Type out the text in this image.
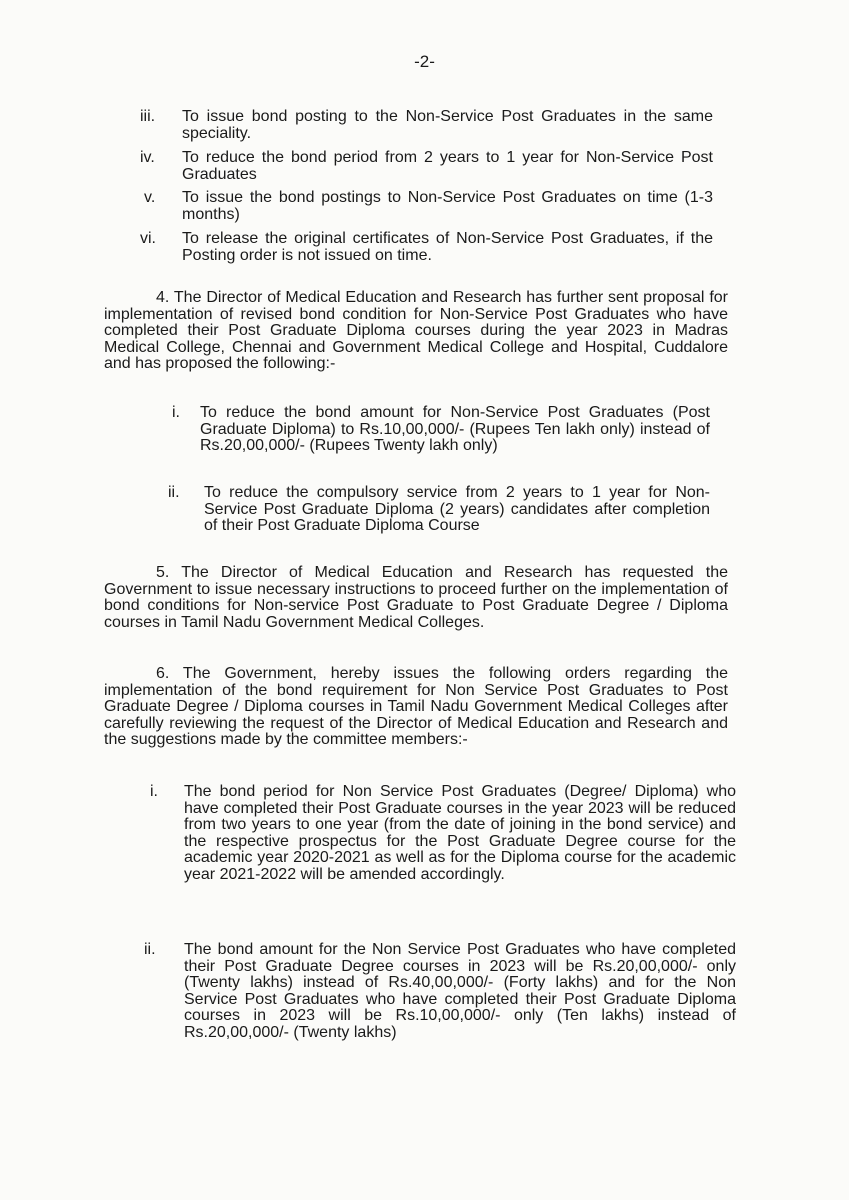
-2-
iii. To issue bond posting to the Non-Service Post Graduates in the same speciality.
iv. To reduce the bond period from 2 years to 1 year for Non-Service Post Graduates
v. To issue the bond postings to Non-Service Post Graduates on time (1-3 months)
vi. To release the original certificates of Non-Service Post Graduates, if the Posting order is not issued on time.
4. The Director of Medical Education and Research has further sent proposal for implementation of revised bond condition for Non-Service Post Graduates who have completed their Post Graduate Diploma courses during the year 2023 in Madras Medical College, Chennai and Government Medical College and Hospital, Cuddalore and has proposed the following:-
i. To reduce the bond amount for Non-Service Post Graduates (Post Graduate Diploma) to Rs.10,00,000/- (Rupees Ten lakh only) instead of Rs.20,00,000/- (Rupees Twenty lakh only)
ii. To reduce the compulsory service from 2 years to 1 year for Non-Service Post Graduate Diploma (2 years) candidates after completion of their Post Graduate Diploma Course
5. The Director of Medical Education and Research has requested the Government to issue necessary instructions to proceed further on the implementation of bond conditions for Non-service Post Graduate to Post Graduate Degree / Diploma courses in Tamil Nadu Government Medical Colleges.
6. The Government, hereby issues the following orders regarding the implementation of the bond requirement for Non Service Post Graduates to Post Graduate Degree / Diploma courses in Tamil Nadu Government Medical Colleges after carefully reviewing the request of the Director of Medical Education and Research and the suggestions made by the committee members:-
i. The bond period for Non Service Post Graduates (Degree/ Diploma) who have completed their Post Graduate courses in the year 2023 will be reduced from two years to one year (from the date of joining in the bond service) and the respective prospectus for the Post Graduate Degree course for the academic year 2020-2021 as well as for the Diploma course for the academic year 2021-2022 will be amended accordingly.
ii. The bond amount for the Non Service Post Graduates who have completed their Post Graduate Degree courses in 2023 will be Rs.20,00,000/- only (Twenty lakhs) instead of Rs.40,00,000/- (Forty lakhs) and for the Non Service Post Graduates who have completed their Post Graduate Diploma courses in 2023 will be Rs.10,00,000/- only (Ten lakhs) instead of Rs.20,00,000/- (Twenty lakhs)
